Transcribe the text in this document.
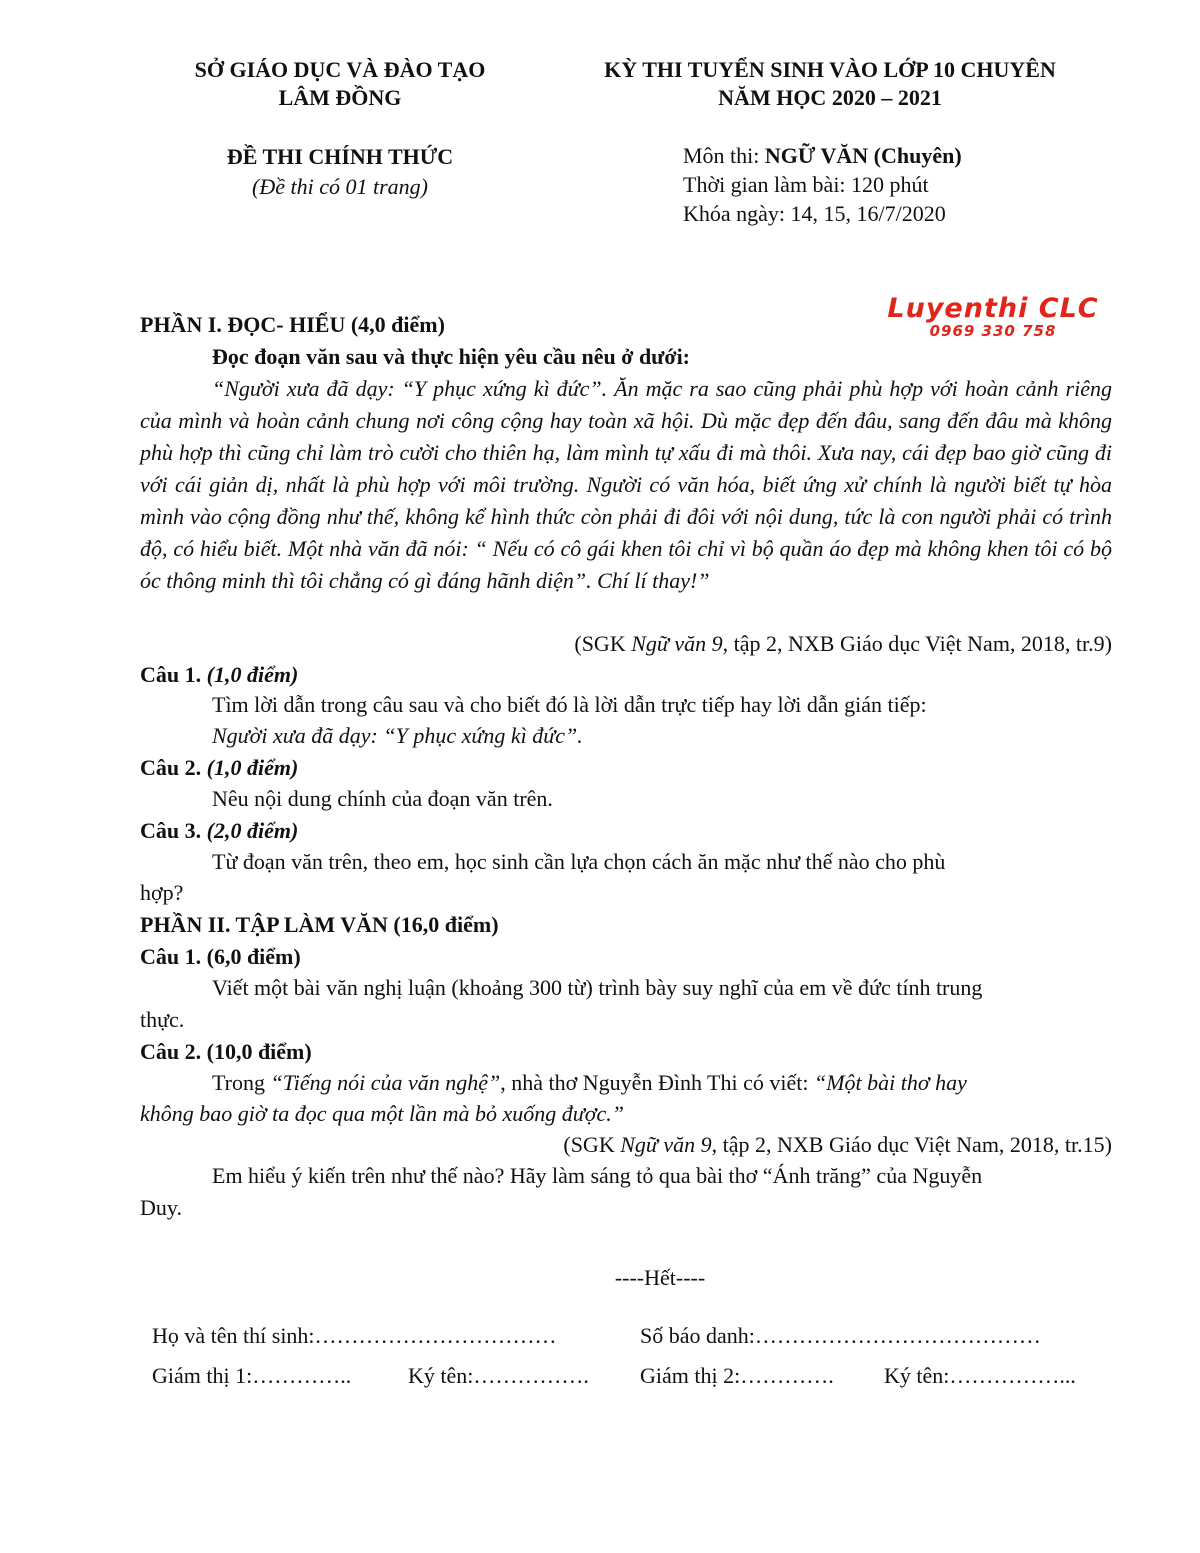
SỞ GIÁO DỤC VÀ ĐÀO TẠO
LÂM ĐỒNG
KỲ THI TUYỂN SINH VÀO LỚP 10 CHUYÊN
NĂM HỌC 2020 – 2021
ĐỀ THI CHÍNH THỨC
(Đề thi có 01 trang)
Môn thi: NGỮ VĂN (Chuyên)
Thời gian làm bài: 120 phút
Khóa ngày: 14, 15, 16/7/2020
Luyenthi CLC
0969 330 758
PHẦN I. ĐỌC- HIỂU (4,0 điểm)
Đọc đoạn văn sau và thực hiện yêu cầu nêu ở dưới:
“Người xưa đã dạy: “Y phục xứng kì đức”. Ăn mặc ra sao cũng phải phù hợp với hoàn cảnh riêng của mình và hoàn cảnh chung nơi công cộng hay toàn xã hội. Dù mặc đẹp đến đâu, sang đến đâu mà không phù hợp thì cũng chỉ làm trò cười cho thiên hạ, làm mình tự xấu đi mà thôi. Xưa nay, cái đẹp bao giờ cũng đi với cái giản dị, nhất là phù hợp với môi trường. Người có văn hóa, biết ứng xử chính là người biết tự hòa mình vào cộng đồng như thế, không kể hình thức còn phải đi đôi với nội dung, tức là con người phải có trình độ, có hiểu biết. Một nhà văn đã nói: “ Nếu có cô gái khen tôi chỉ vì bộ quần áo đẹp mà không khen tôi có bộ óc thông minh thì tôi chẳng có gì đáng hãnh diện”. Chí lí thay!”
(SGK Ngữ văn 9, tập 2, NXB Giáo dục Việt Nam, 2018, tr.9)
Câu 1. (1,0 điểm)
Tìm lời dẫn trong câu sau và cho biết đó là lời dẫn trực tiếp hay lời dẫn gián tiếp:
Người xưa đã dạy: “Y phục xứng kì đức”.
Câu 2. (1,0 điểm)
Nêu nội dung chính của đoạn văn trên.
Câu 3. (2,0 điểm)
Từ đoạn văn trên, theo em, học sinh cần lựa chọn cách ăn mặc như thế nào cho phù
hợp?
PHẦN II. TẬP LÀM VĂN (16,0 điểm)
Câu 1. (6,0 điểm)
Viết một bài văn nghị luận (khoảng 300 từ) trình bày suy nghĩ của em về đức tính trung
thực.
Câu 2. (10,0 điểm)
Trong “Tiếng nói của văn nghệ”, nhà thơ Nguyễn Đình Thi có viết: “Một bài thơ hay
không bao giờ ta đọc qua một lần mà bỏ xuống được.”
(SGK Ngữ văn 9, tập 2, NXB Giáo dục Việt Nam, 2018, tr.15)
Em hiểu ý kiến trên như thế nào? Hãy làm sáng tỏ qua bài thơ “Ánh trăng” của Nguyễn
Duy.
----Hết----
Họ và tên thí sinh:……………………………	Số báo danh:…………………………………
Giám thị 1:…………..	Ký tên:……………. Giám thị 2:…………. Ký tên:……………...
